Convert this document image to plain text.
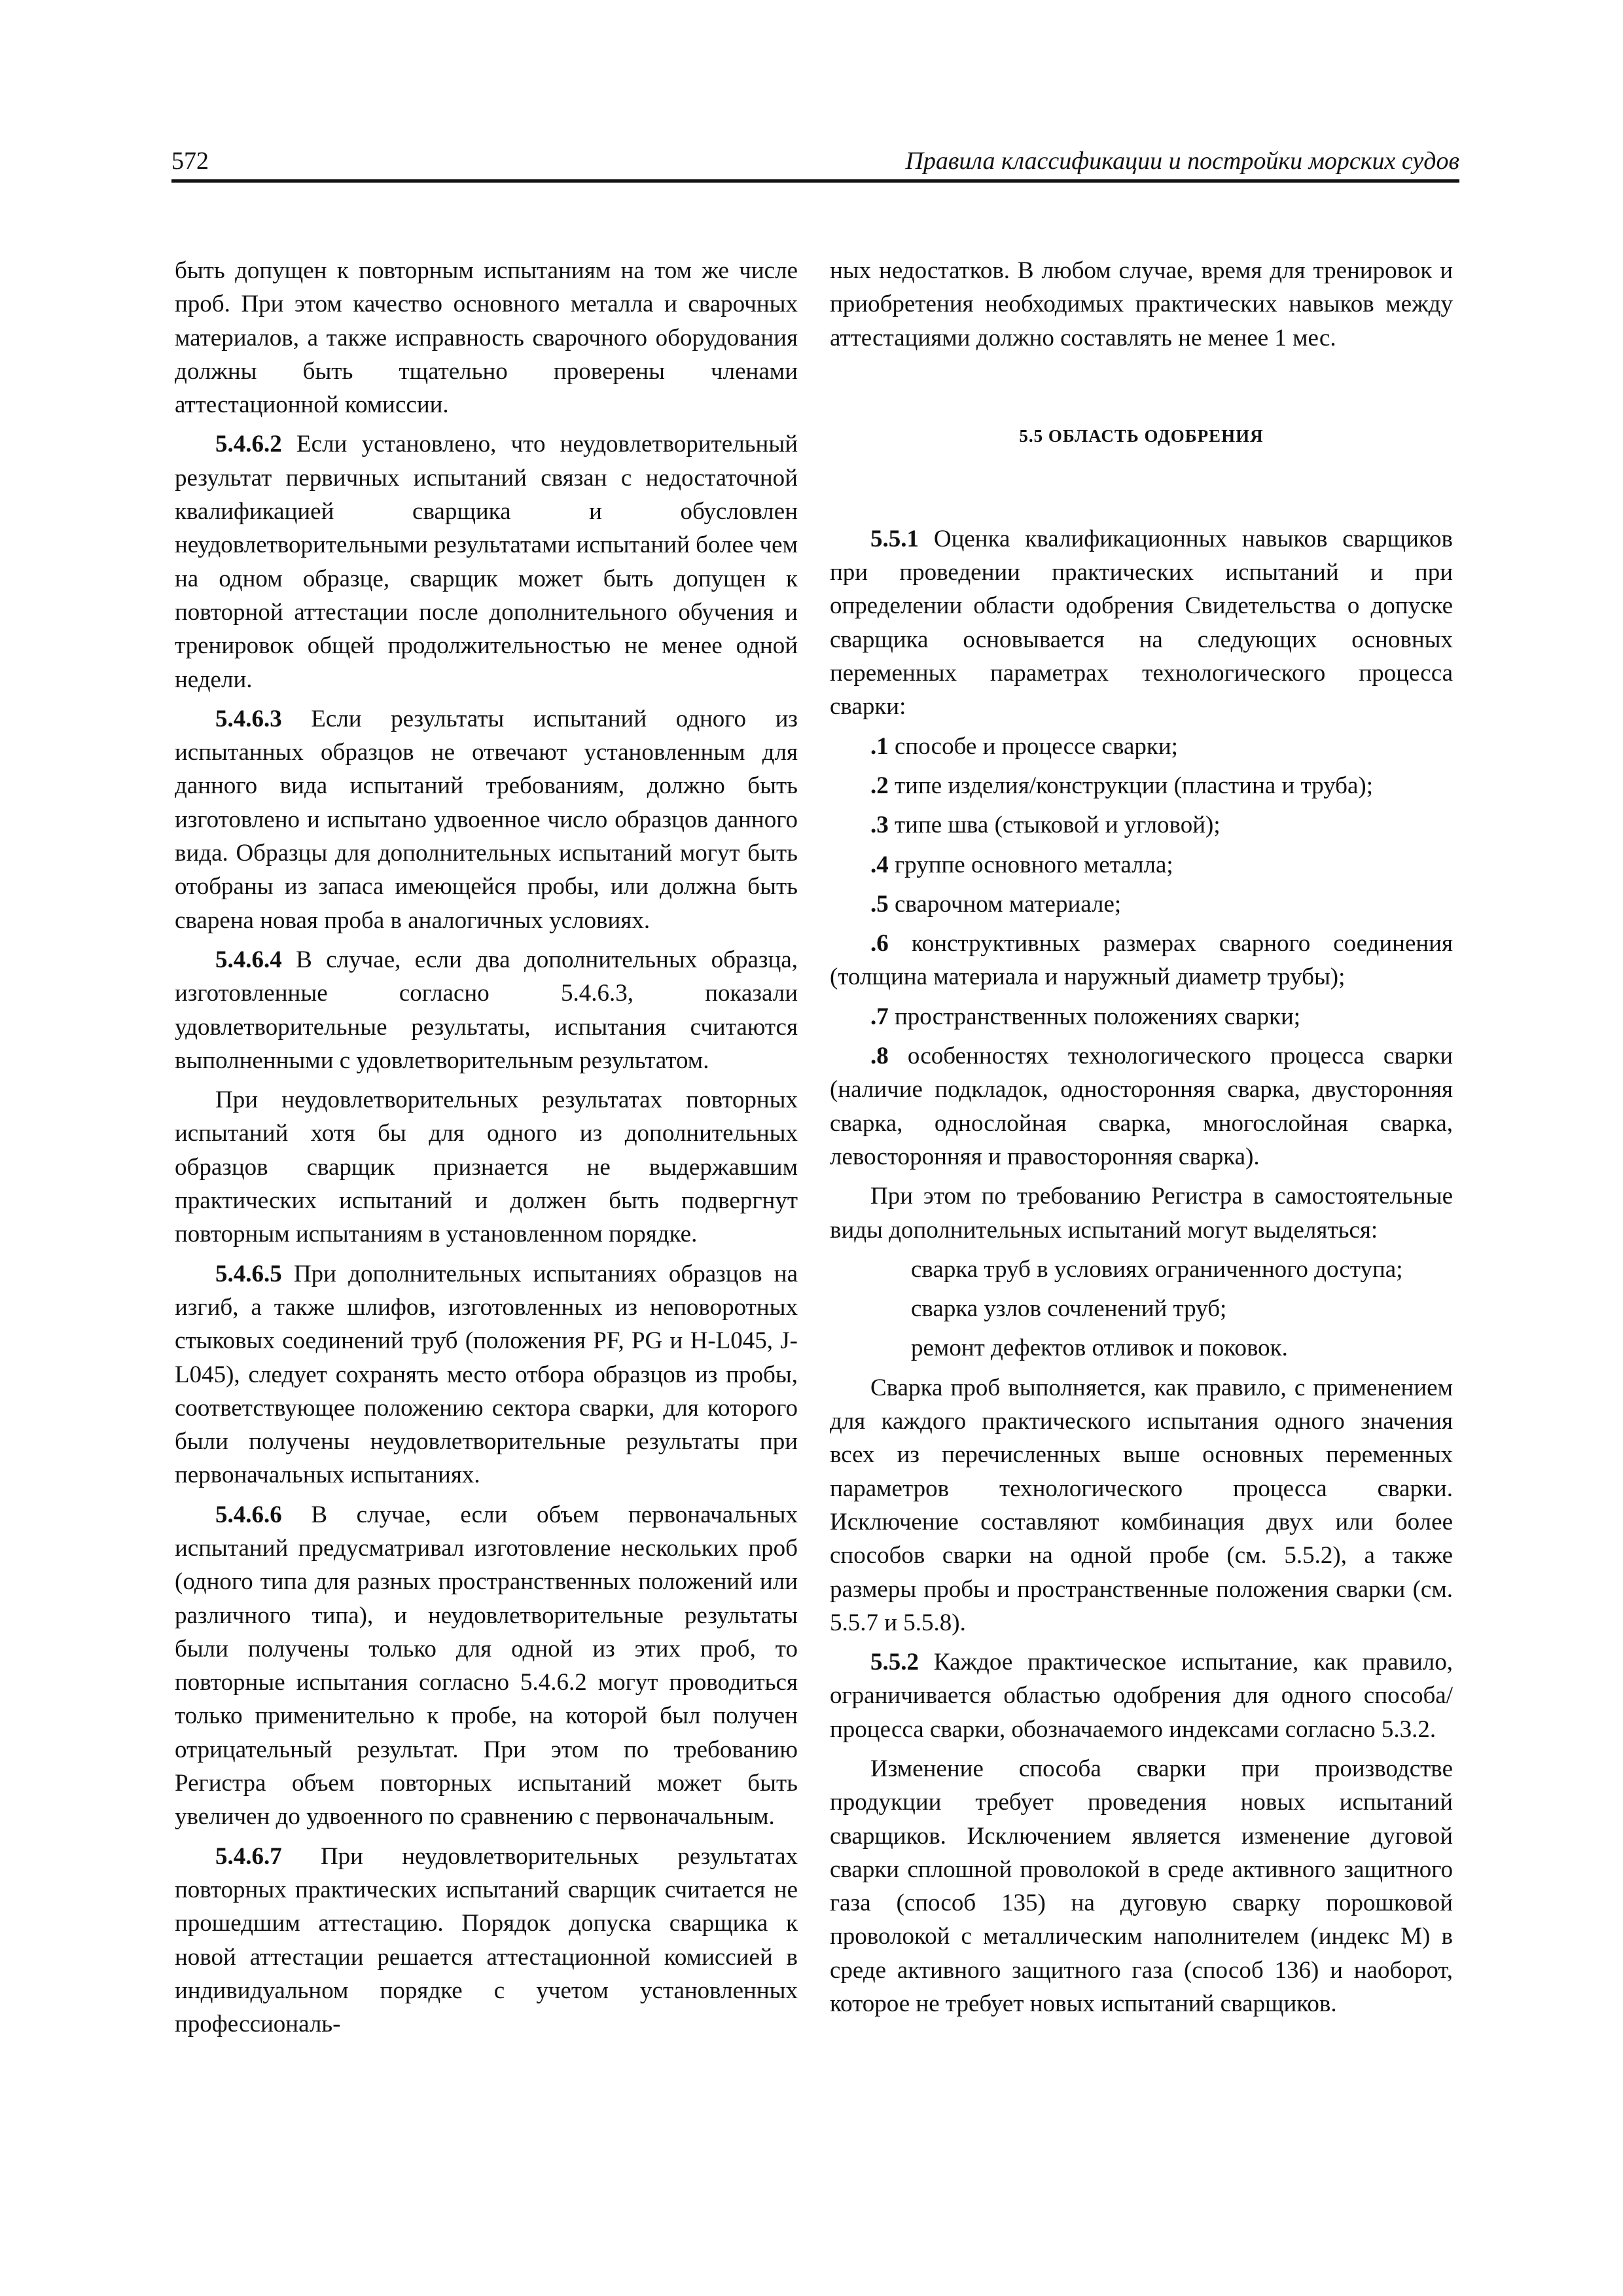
572	Правила классификации и постройки морских судов

быть допущен к повторным испытаниям на том же числе проб. При этом качество основного металла и сварочных материалов, а также исправность сварочного оборудования должны быть тщательно проверены членами аттестационной комиссии.

5.4.6.2 Если установлено, что неудовлетворительный результат первичных испытаний связан с недостаточной квалификацией сварщика и обусловлен неудовлетворительными результатами испытаний более чем на одном образце, сварщик может быть допущен к повторной аттестации после дополнительного обучения и тренировок общей продолжительностью не менее одной недели.

5.4.6.3 Если результаты испытаний одного из испытанных образцов не отвечают установленным для данного вида испытаний требованиям, должно быть изготовлено и испытано удвоенное число образцов данного вида. Образцы для дополнительных испытаний могут быть отобраны из запаса имеющейся пробы, или должна быть сварена новая проба в аналогичных условиях.

5.4.6.4 В случае, если два дополнительных образца, изготовленные согласно 5.4.6.3, показали удовлетворительные результаты, испытания считаются выполненными с удовлетворительным результатом.

При неудовлетворительных результатах повторных испытаний хотя бы для одного из дополнительных образцов сварщик признается не выдержавшим практических испытаний и должен быть подвергнут повторным испытаниям в установленном порядке.

5.4.6.5 При дополнительных испытаниях образцов на изгиб, а также шлифов, изготовленных из неповоротных стыковых соединений труб (положения PF, PG и H-L045, J-L045), следует сохранять место отбора образцов из пробы, соответствующее положению сектора сварки, для которого были получены неудовлетворительные результаты при первоначальных испытаниях.

5.4.6.6 В случае, если объем первоначальных испытаний предусматривал изготовление нескольких проб (одного типа для разных пространственных положений или различного типа), и неудовлетворительные результаты были получены только для одной из этих проб, то повторные испытания согласно 5.4.6.2 могут проводиться только применительно к пробе, на которой был получен отрицательный результат. При этом по требованию Регистра объем повторных испытаний может быть увеличен до удвоенного по сравнению с первоначальным.

5.4.6.7 При неудовлетворительных результатах повторных практических испытаний сварщик считается не прошедшим аттестацию. Порядок допуска сварщика к новой аттестации решается аттестационной комиссией в индивидуальном порядке с учетом установленных профессиональ-

ных недостатков. В любом случае, время для тренировок и приобретения необходимых практических навыков между аттестациями должно составлять не менее 1 мес.

5.5 ОБЛАСТЬ ОДОБРЕНИЯ

5.5.1 Оценка квалификационных навыков сварщиков при проведении практических испытаний и при определении области одобрения Свидетельства о допуске сварщика основывается на следующих основных переменных параметрах технологического процесса сварки:

.1 способе и процессе сварки;

.2 типе изделия/конструкции (пластина и труба);

.3 типе шва (стыковой и угловой);

.4 группе основного металла;

.5 сварочном материале;

.6 конструктивных размерах сварного соединения (толщина материала и наружный диаметр трубы);

.7 пространственных положениях сварки;

.8 особенностях технологического процесса сварки (наличие подкладок, односторонняя сварка, двусторонняя сварка, однослойная сварка, многослойная сварка, левосторонняя и правосторонняя сварка).

При этом по требованию Регистра в самостоятельные виды дополнительных испытаний могут выделяться:

сварка труб в условиях ограниченного доступа;

сварка узлов сочленений труб;

ремонт дефектов отливок и поковок.

Сварка проб выполняется, как правило, с применением для каждого практического испытания одного значения всех из перечисленных выше основных переменных параметров технологического процесса сварки. Исключение составляют комбинация двух или более способов сварки на одной пробе (см. 5.5.2), а также размеры пробы и пространственные положения сварки (см. 5.5.7 и 5.5.8).

5.5.2 Каждое практическое испытание, как правило, ограничивается областью одобрения для одного способа/процесса сварки, обозначаемого индексами согласно 5.3.2.

Изменение способа сварки при производстве продукции требует проведения новых испытаний сварщиков. Исключением является изменение дуговой сварки сплошной проволокой в среде активного защитного газа (способ 135) на дуговую сварку порошковой проволокой с металлическим наполнителем (индекс М) в среде активного защитного газа (способ 136) и наоборот, которое не требует новых испытаний сварщиков.
